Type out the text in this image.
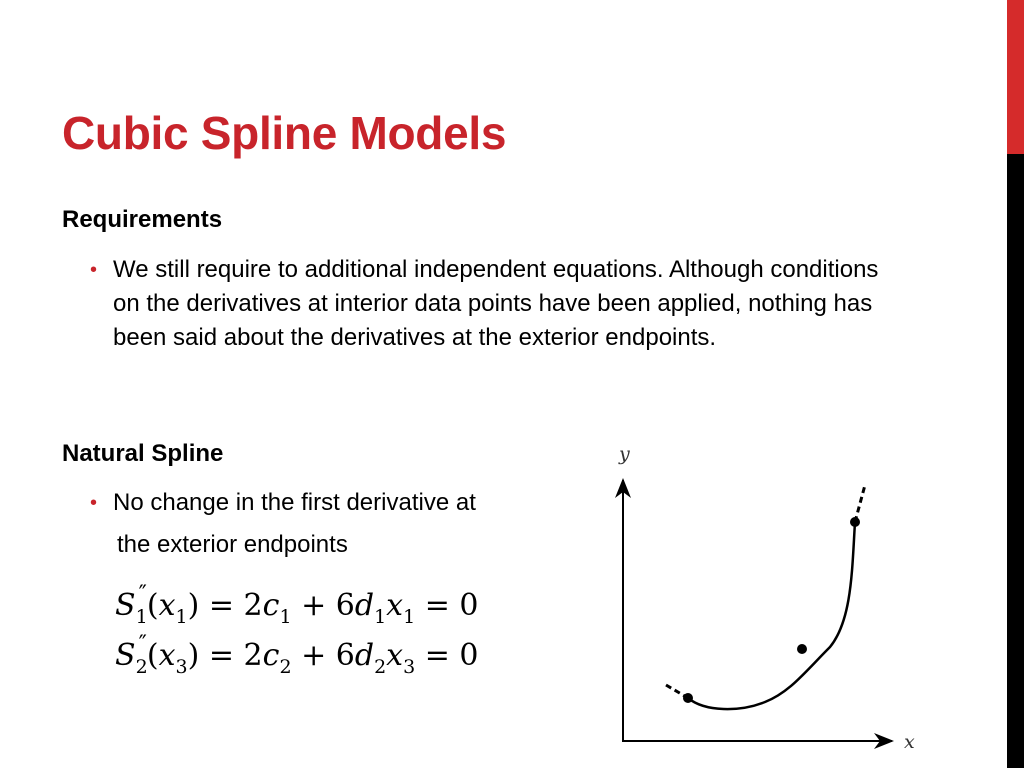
Cubic Spline Models
Requirements
• We still require to additional independent equations. Although conditions on the derivatives at interior data points have been applied, nothing has been said about the derivatives at the exterior endpoints.
Natural Spline
• No change in the first derivative at
the exterior endpoints
$S_1''(x_1) = 2c_1 + 6d_1x_1 = 0$
$S_2''(x_3) = 2c_2 + 6d_2x_3 = 0$
y
x
